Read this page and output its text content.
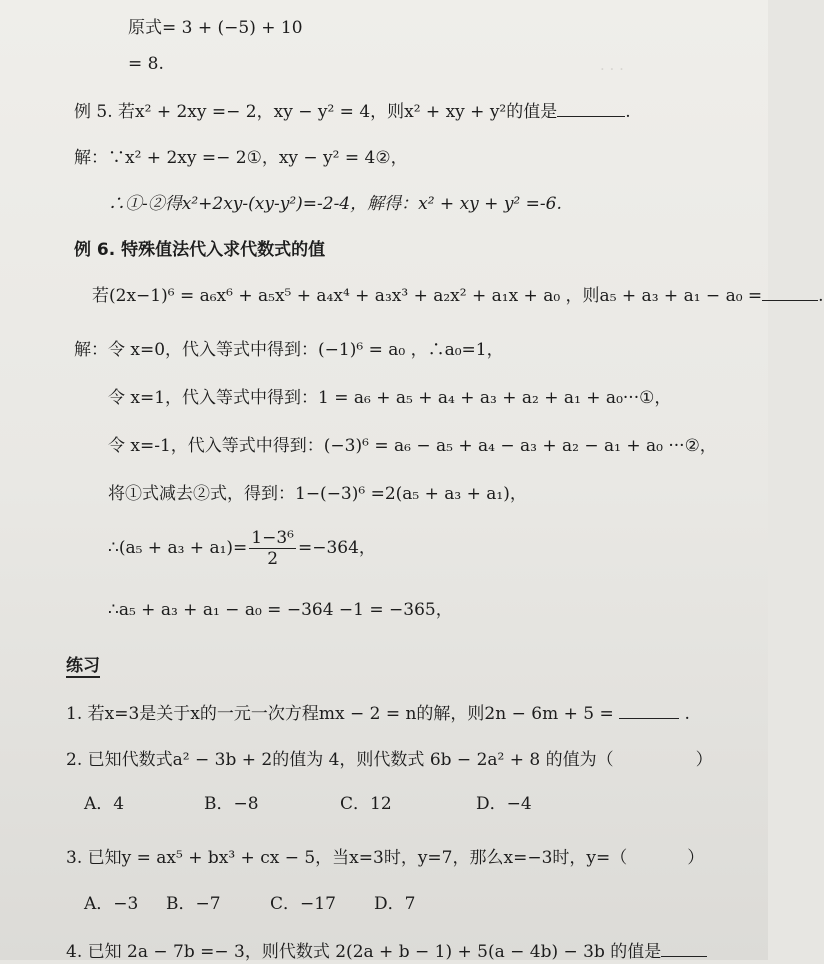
· · ·
原式= 3 + (−5) + 10
= 8.
例 5. 若x² + 2xy =− 2，xy − y² = 4，则x² + xy + y²的值是	.
解：∵x² + 2xy =− 2①，xy − y² = 4②，
∴①-②得x²+2xy-(xy-y²)=-2-4，解得：x² + xy + y² =-6.
例 6. 特殊值法代入求代数式的值
若(2x−1)⁶ = a₆x⁶ + a₅x⁵ + a₄x⁴ + a₃x³ + a₂x² + a₁x + a₀ ，则a₅ + a₃ + a₁ − a₀ =	.
解：令 x=0，代入等式中得到：(−1)⁶ = a₀ ，∴a₀=1，
令 x=1，代入等式中得到：1 = a₆ + a₅ + a₄ + a₃ + a₂ + a₁ + a₀···①，
令 x=-1，代入等式中得到：(−3)⁶ = a₆ − a₅ + a₄ − a₃ + a₂ − a₁ + a₀ ···②，
将①式减去②式，得到：1−(−3)⁶ =2(a₅ + a₃ + a₁)，
∴(a₅ + $a_3 + a_1)= \frac{\text{1−3⁶}}{2} =-364$，
∴a₅ + a₃ + a₁ − a₀ = −364 −1 = −365，
练习
1. 若x=3是关于x的一元一次方程mx − 2 = n的解，则2n − 6m + 5 =	.
2. 已知代数式a² − 3b + 2的值为 4，则代数式 6b − 2a² + 8 的值为（	）
A．4	B．−8	C．12	D．−4
3. 已知y = ax⁵ + bx³ + cx − 5，当x=3时，y=7，那么x=−3时，y=（	）
A．−3 B．−7	C．−17 D．7
4. 已知 2a − 7b =− 3，则代数式 2(2a + b − 1) + 5(a − 4b) − 3b 的值是
